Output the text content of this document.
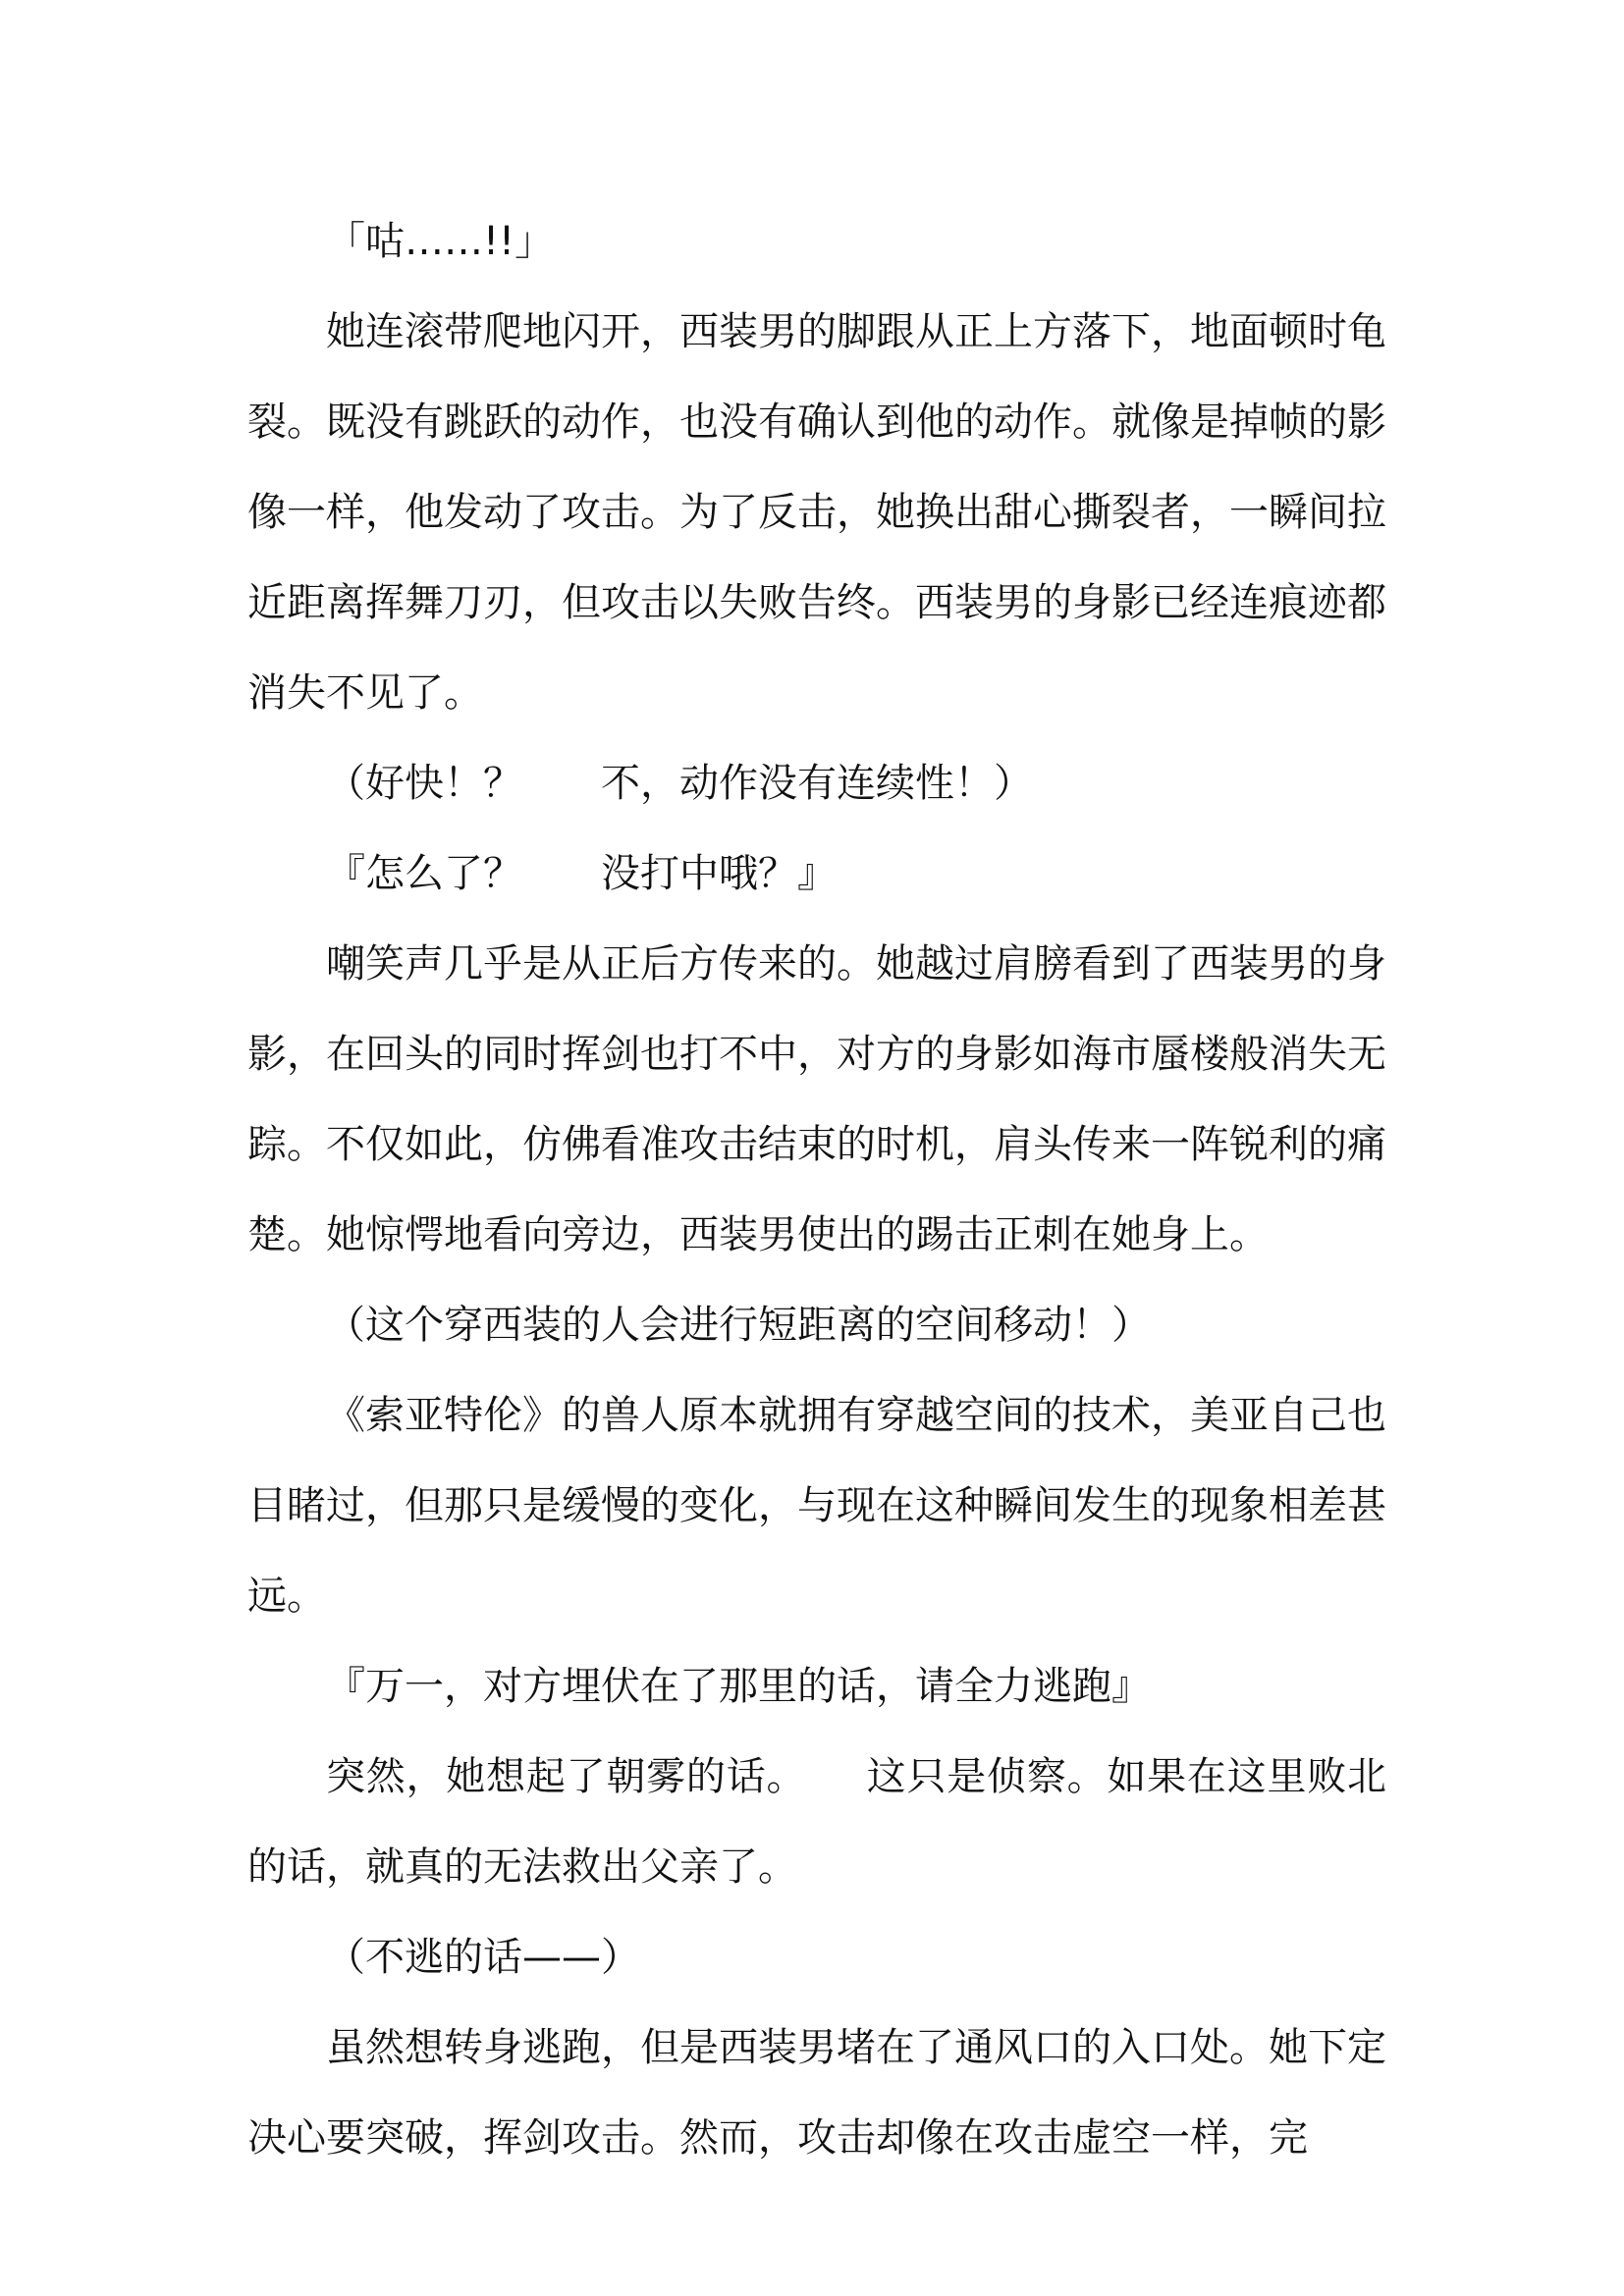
「咕……!!」

她连滚带爬地闪开，西装男的脚跟从正上方落下，地面顿时龟裂。既没有跳跃的动作，也没有确认到他的动作。就像是掉帧的影像一样，他发动了攻击。为了反击，她换出甜心撕裂者，一瞬间拉近距离挥舞刀刃，但攻击以失败告终。西装男的身影已经连痕迹都消失不见了。

（好快！？　　不，动作没有连续性！）

『怎么了？　　没打中哦？』

嘲笑声几乎是从正后方传来的。她越过肩膀看到了西装男的身影，在回头的同时挥剑也打不中，对方的身影如海市蜃楼般消失无踪。不仅如此，仿佛看准攻击结束的时机，肩头传来一阵锐利的痛楚。她惊愕地看向旁边，西装男使出的踢击正刺在她身上。

（这个穿西装的人会进行短距离的空间移动！）

《索亚特伦》的兽人原本就拥有穿越空间的技术，美亚自己也目睹过，但那只是缓慢的变化，与现在这种瞬间发生的现象相差甚远。

『万一，对方埋伏在了那里的话，请全力逃跑』

突然，她想起了朝雾的话。　　这只是侦察。如果在这里败北的话，就真的无法救出父亲了。

（不逃的话——）

虽然想转身逃跑，但是西装男堵在了通风口的入口处。她下定决心要突破，挥剑攻击。然而，攻击却像在攻击虚空一样，完
